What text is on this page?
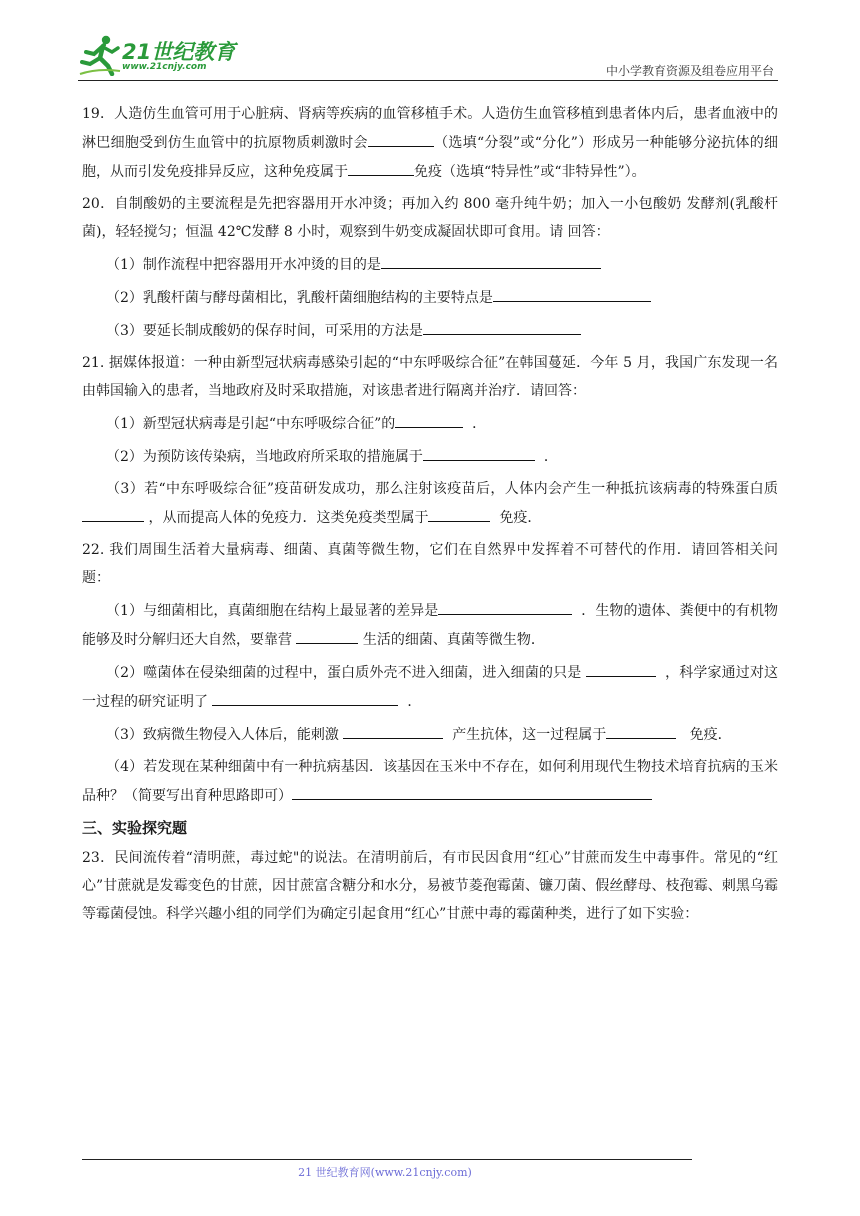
21世纪教育
www.21cnjy.com	中小学教育资源及组卷应用平台

19．人造仿生血管可用于心脏病、肾病等疾病的血管移植手术。人造仿生血管移植到患者体内后，患者血液中的淋巴细胞受到仿生血管中的抗原物质刺激时会	（选填“分裂”或“分化”）形成另一种能够分泌抗体的细胞，从而引发免疫排异反应，这种免疫属于	免疫（选填“特异性”或“非特异性”）。

20．自制酸奶的主要流程是先把容器用开水冲烫；再加入约 800 毫升纯牛奶；加入一小包酸奶 发酵剂(乳酸杆菌)，轻轻搅匀；恒温 42℃发酵 8 小时，观察到牛奶变成凝固状即可食用。请 回答：

（1）制作流程中把容器用开水冲烫的目的是

（2）乳酸杆菌与酵母菌相比，乳酸杆菌细胞结构的主要特点是

（3）要延长制成酸奶的保存时间，可采用的方法是

21. 据媒体报道：一种由新型冠状病毒感染引起的“中东呼吸综合征”在韩国蔓延．今年 5 月，我国广东发现一名由韩国输入的患者，当地政府及时采取措施，对该患者进行隔离并治疗．请回答：

（1）新型冠状病毒是引起“中东呼吸综合征”的	．

（2）为预防该传染病，当地政府所采取的措施属于	．

（3）若“中东呼吸综合征”疫苗研发成功，那么注射该疫苗后，人体内会产生一种抵抗该病毒的特殊蛋白质 ，从而提高人体的免疫力．这类免疫类型属于	免疫．

22. 我们周围生活着大量病毒、细菌、真菌等微生物，它们在自然界中发挥着不可替代的作用．请回答相关问题：

（1）与细菌相比，真菌细胞在结构上最显著的差异是	．生物的遗体、粪便中的有机物能够及时分解归还大自然，要靠营	生活的细菌、真菌等微生物．

（2）噬菌体在侵染细菌的过程中，蛋白质外壳不进入细菌，进入细菌的只是	，科学家通过对这一过程的研究证明了	．

（3）致病微生物侵入人体后，能刺激	产生抗体，这一过程属于	免疫．

（4）若发现在某种细菌中有一种抗病基因．该基因在玉米中不存在，如何利用现代生物技术培育抗病的玉米品种？（简要写出育种思路即可）

三、实验探究题

23．民间流传着“清明蔗，毒过蛇"的说法。在清明前后，有市民因食用“红心”甘蔗而发生中毒事件。常见的“红心”甘蔗就是发霉变色的甘蔗，因甘蔗富含糖分和水分，易被节菱孢霉菌、镰刀菌、假丝酵母、枝孢霉、刺黑乌霉等霉菌侵蚀。科学兴趣小组的同学们为确定引起食用“红心”甘蔗中毒的霉菌种类，进行了如下实验：

21 世纪教育网(www.21cnjy.com)
